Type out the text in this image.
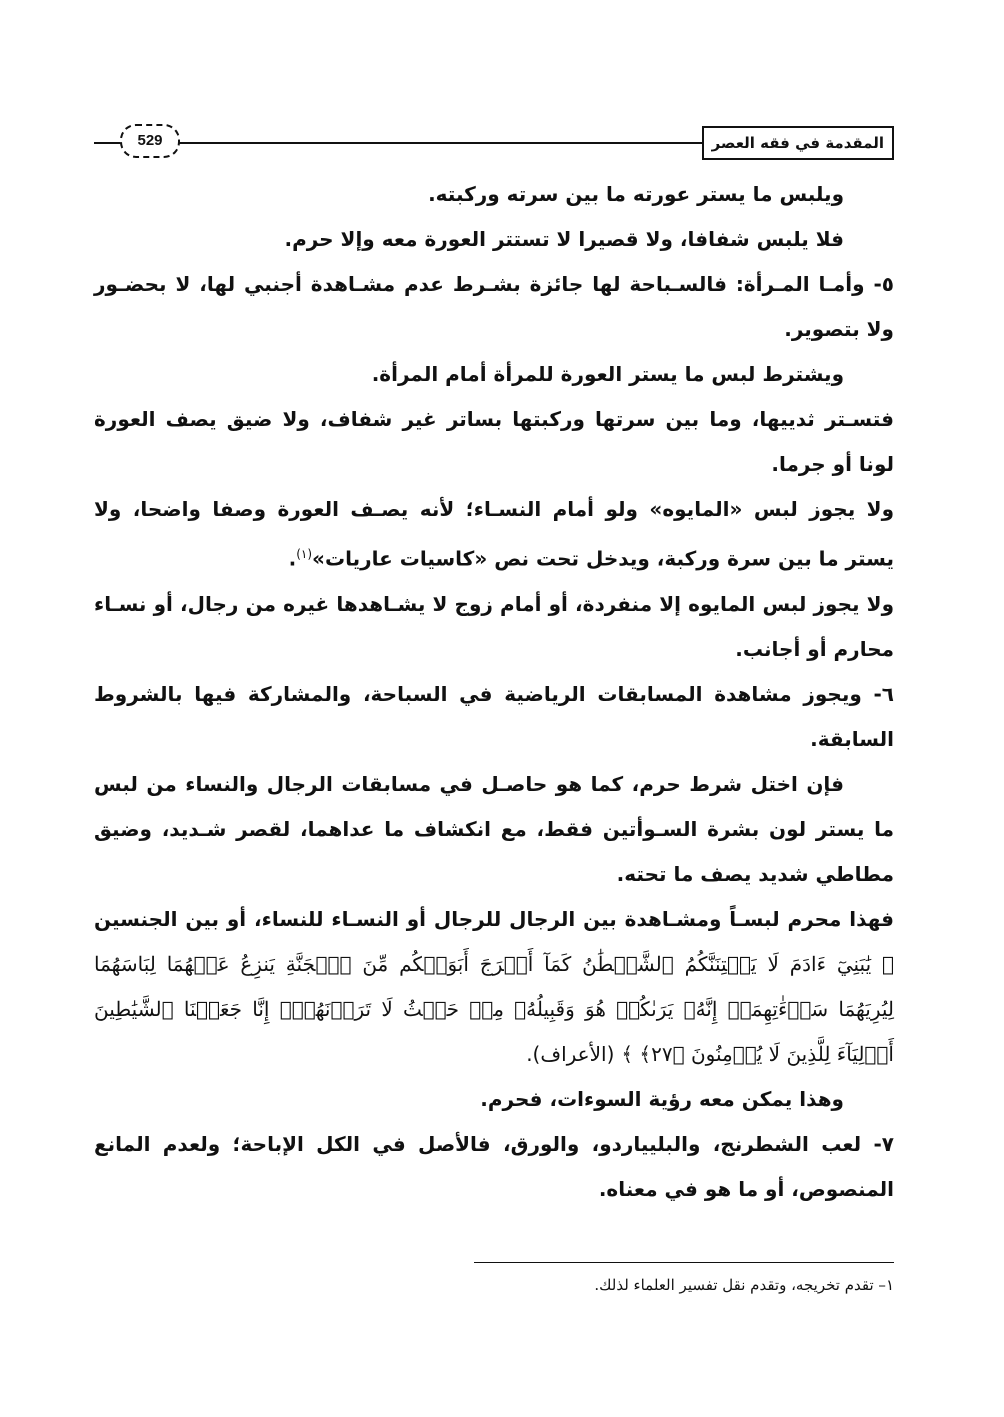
المقدمة في فقه العصر
529

ويلبس ما يستر عورته ما بين سرته وركبته.

فلا يلبس شفافا، ولا قصيرا لا تستتر العورة معه وإلا حرم.

٥- وأمـا المـرأة: فالسـباحة لها جائزة بشـرط عدم مشـاهدة أجنبي لها، لا بحضـور ولا بتصوير.

ويشترط لبس ما يستر العورة للمرأة أمام المرأة.

فتسـتر ثدييها، وما بين سرتها وركبتها بساتر غير شفاف، ولا ضيق يصف العورة لونا أو جرما.

ولا يجوز لبس «المايوه» ولو أمام النسـاء؛ لأنه يصـف العورة وصفا واضحا، ولا يستر ما بين سرة وركبة، ويدخل تحت نص «كاسيات عاريات»$^{(١)}$.

ولا يجوز لبس المايوه إلا منفردة، أو أمام زوج لا يشـاهدها غيره من رجال، أو نسـاء محارم أو أجانب.

٦- ويجوز مشاهدة المسابقات الرياضية في السباحة، والمشاركة فيها بالشروط السابقة.

فإن اختل شرط حرم، كما هو حاصـل في مسابقات الرجال والنساء من لبس ما يستر لون بشرة السـوأتين فقط، مع انكشاف ما عداهما، لقصر شـديد، وضيق مطاطي شديد يصف ما تحته.

فهذا محرم لبسـاً ومشـاهدة بين الرجال للرجال أو النسـاء للنساء، أو بين الجنسين ﴿ يَٰبَنِيٓ ءَادَمَ لَا يَفۡتِنَنَّكُمُ ٱلشَّيۡطَٰنُ كَمَآ أَخۡرَجَ أَبَوَيۡكُم مِّنَ ٱلۡجَنَّةِ يَنزِعُ عَنۡهُمَا لِبَاسَهُمَا لِيُرِيَهُمَا سَوۡءَٰتِهِمَآۚ إِنَّهُۥ يَرَىٰكُمۡ هُوَ وَقَبِيلُهُۥ مِنۡ حَيۡثُ لَا تَرَوۡنَهُمۡۗ إِنَّا جَعَلۡنَا ٱلشَّيَٰطِينَ أَوۡلِيَآءَ لِلَّذِينَ لَا يُؤۡمِنُونَ ﴿٢٧﴾ ﴾ (الأعراف).

وهذا يمكن معه رؤية السوءات، فحرم.

٧- لعب الشطرنج، والبليياردو، والورق، فالأصل في الكل الإباحة؛ ولعدم المانع المنصوص، أو ما هو في معناه.

١– تقدم تخريجه، وتقدم نقل تفسير العلماء لذلك.
